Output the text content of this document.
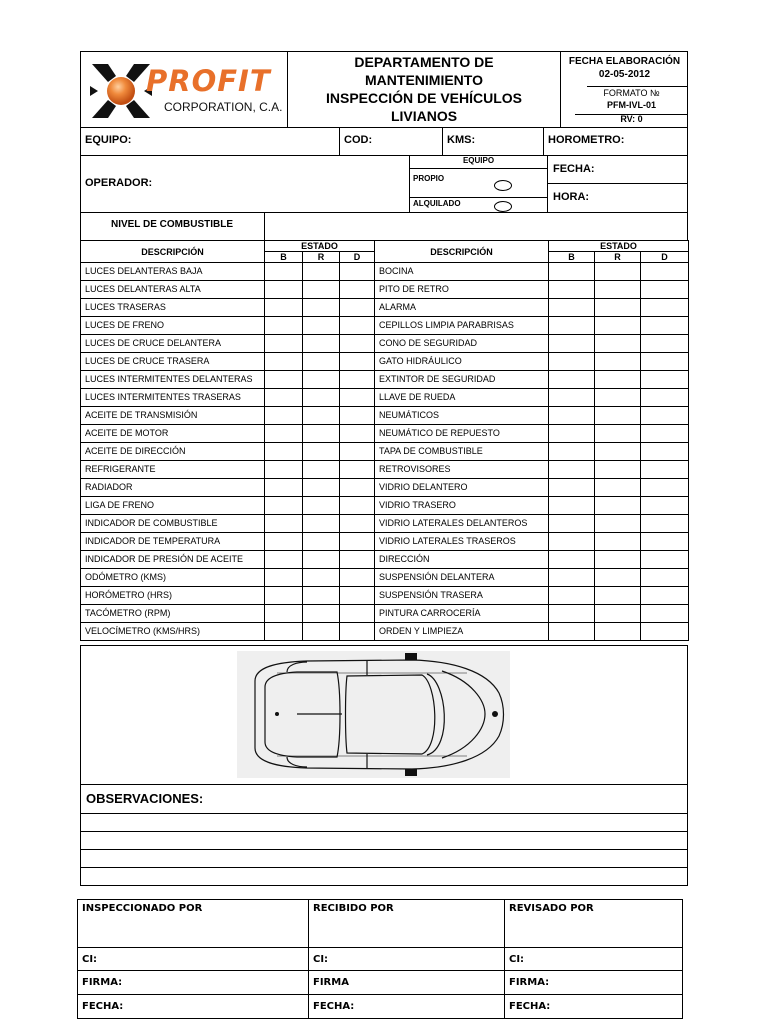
PROFIT
CORPORATION, C.A.
DEPARTAMENTO DE
MANTENIMIENTO
INSPECCIÓN DE VEHÍCULOS
LIVIANOS
FECHA ELABORACIÓN
02-05-2012
FORMATO №
PFM-IVL-01
RV: 0
EQUIPO:	COD:	KMS:	HOROMETRO:
OPERADOR:
EQUIPO
PROPIO
ALQUILADO
FECHA:
HORA:
NIVEL DE COMBUSTIBLE
DESCRIPCIÓN	ESTADO			DESCRIPCIÓN	ESTADO		
	B	R	D		B	R	D
LUCES DELANTERAS BAJA				BOCINA			
LUCES DELANTERAS ALTA				PITO DE RETRO			
LUCES TRASERAS				ALARMA			
LUCES DE FRENO				CEPILLOS LIMPIA PARABRISAS			
LUCES DE CRUCE DELANTERA				CONO DE SEGURIDAD			
LUCES DE CRUCE TRASERA				GATO HIDRÁULICO			
LUCES INTERMITENTES DELANTERAS				EXTINTOR DE SEGURIDAD			
LUCES INTERMITENTES TRASERAS				LLAVE DE RUEDA			
ACEITE DE TRANSMISIÓN				NEUMÁTICOS			
ACEITE DE MOTOR				NEUMÁTICO DE REPUESTO			
ACEITE DE DIRECCIÓN				TAPA DE COMBUSTIBLE			
REFRIGERANTE				RETROVISORES			
RADIADOR				VIDRIO DELANTERO			
LIGA DE FRENO				VIDRIO TRASERO			
INDICADOR DE COMBUSTIBLE				VIDRIO LATERALES DELANTEROS			
INDICADOR DE TEMPERATURA				VIDRIO LATERALES TRASEROS			
INDICADOR DE PRESIÓN DE ACEITE				DIRECCIÓN			
ODÓMETRO (KMS)				SUSPENSIÓN DELANTERA			
HORÓMETRO (HRS)				SUSPENSIÓN TRASERA			
TACÓMETRO (RPM)				PINTURA CARROCERÍA			
VELOCÍMETRO (KMS/HRS)				ORDEN Y LIMPIEZA			
OBSERVACIONES:
INSPECCIONADO POR	RECIBIDO POR	REVISADO POR
CI:	CI:	CI:
FIRMA:	FIRMA	FIRMA:
FECHA:	FECHA:	FECHA:
